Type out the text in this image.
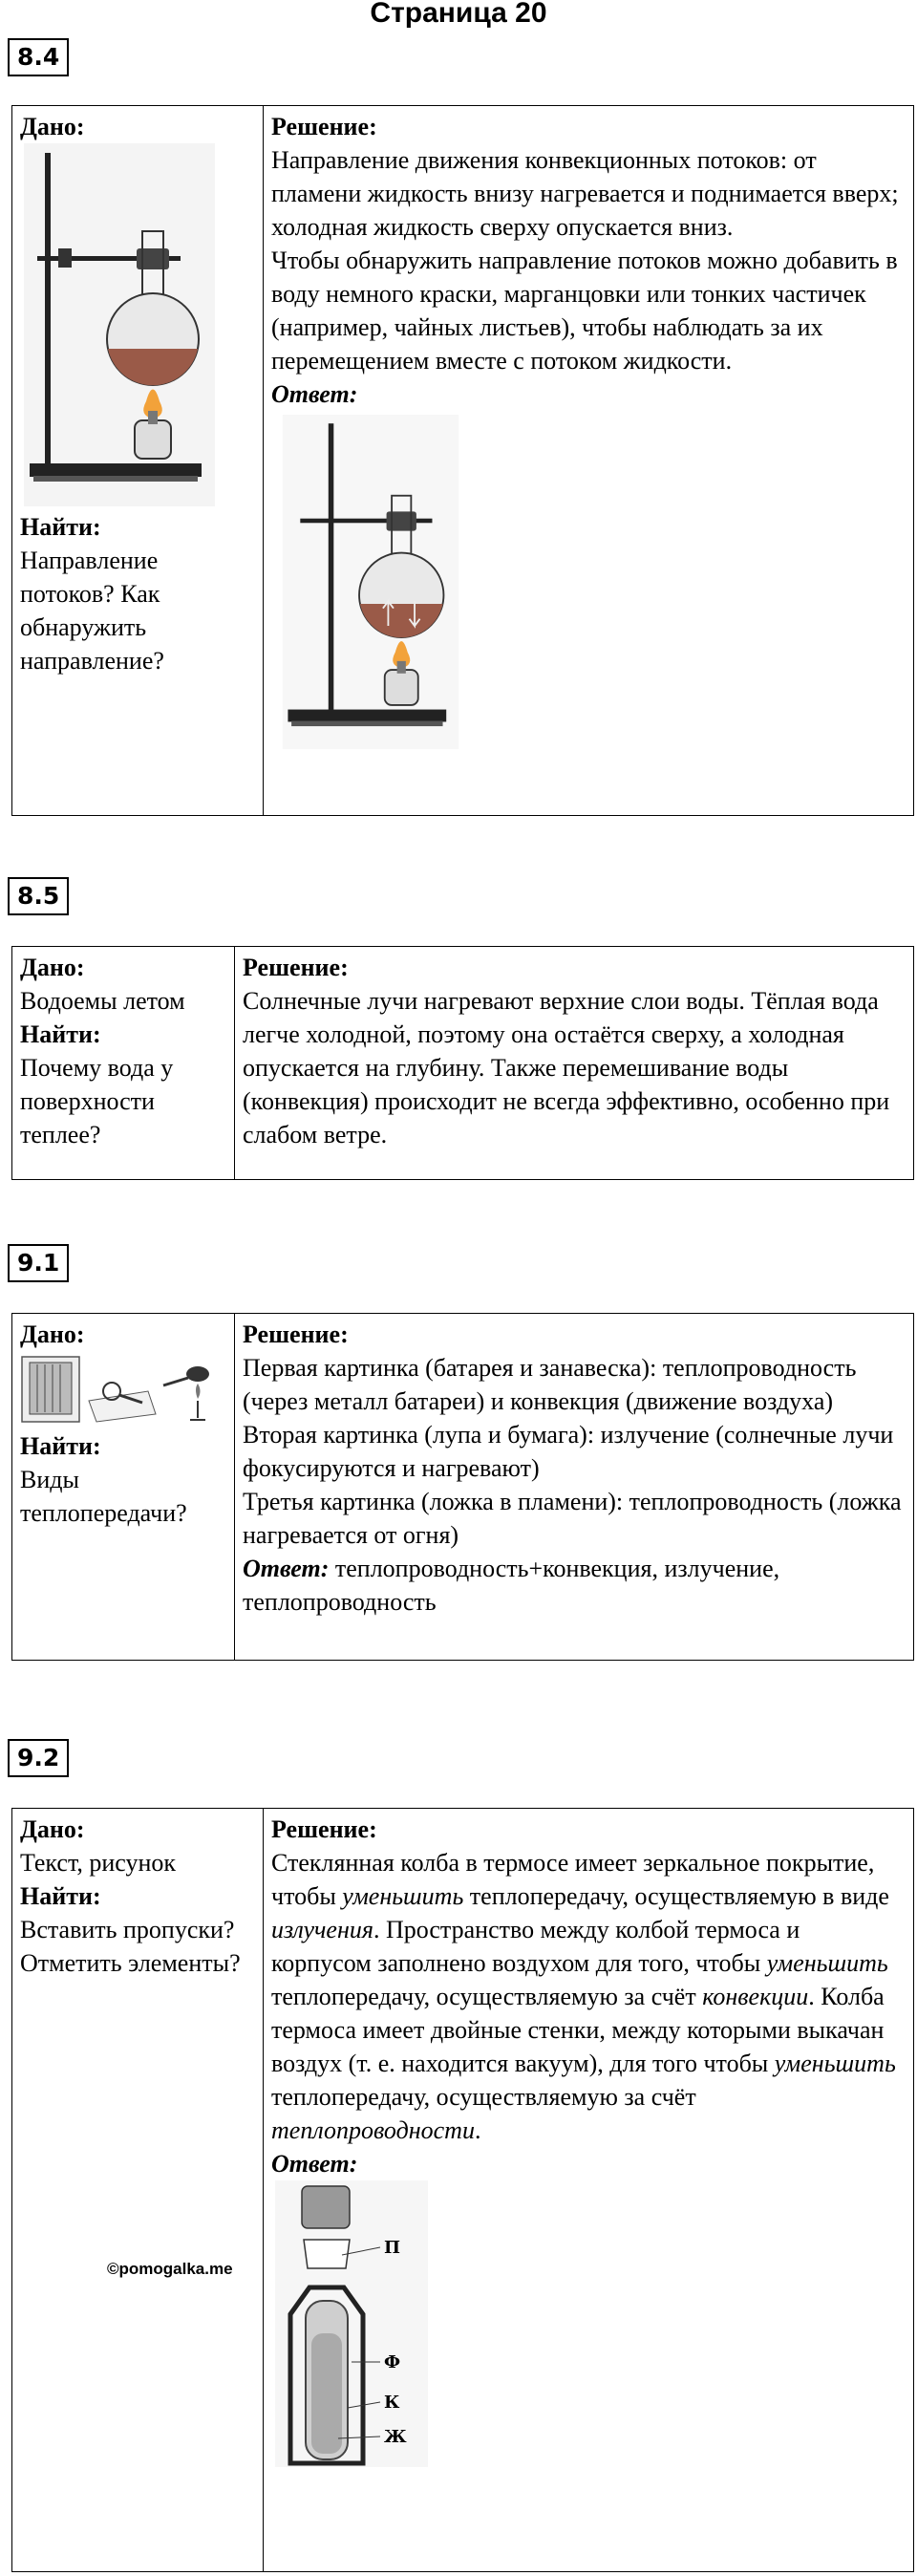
Страница 20
8.4
Дано:
Найти:
Направление потоков? Как обнаружить направление?

Решение:

Направление движения конвекционных потоков: от пламени жидкость внизу нагревается и поднимается вверх; холодная жидкость сверху опускается вниз.

Чтобы обнаружить направление потоков можно добавить в воду немного краски, марганцовки или тонких частичек (например, чайных листьев), чтобы наблюдать за их перемещением вместе с потоком жидкости.

Ответ:
8.5
Дано:
Водоемы летом
Найти:
Почему вода у поверхности теплее?

Решение:

Солнечные лучи нагревают верхние слои воды. Тёплая вода легче холодной, поэтому она остаётся сверху, а холодная опускается на глубину. Также перемешивание воды (конвекция) происходит не всегда эффективно, особенно при слабом ветре.

9.1
Дано:
Найти:
Виды теплопередачи?

Решение:

Первая картинка (батарея и занавеска): теплопроводность (через металл батареи) и конвекция (движение воздуха)

Вторая картинка (лупа и бумага): излучение (солнечные лучи фокусируются и нагревают)

Третья картинка (ложка в пламени): теплопроводность (ложка нагревается от огня)

Ответ: теплопроводность+конвекция, излучение, теплопроводность

9.2
Дано:
Текст, рисунок
Найти:
Вставить пропуски? Отметить элементы?

Решение:

Стеклянная колба в термосе имеет зеркальное покрытие, чтобы уменьшить теплопередачу, осуществляемую в виде излучения. Пространство между колбой термоса и корпусом заполнено воздухом для того, чтобы уменьшить теплопередачу, осуществляемую за счёт конвекции. Колба термоса имеет двойные стенки, между которыми выкачан воздух (т. е. находится вакуум), для того чтобы уменьшить теплопередачу, осуществляемую за счёт теплопроводности.

Ответ:
П
Ф
К
Ж
©pomogalka.me
